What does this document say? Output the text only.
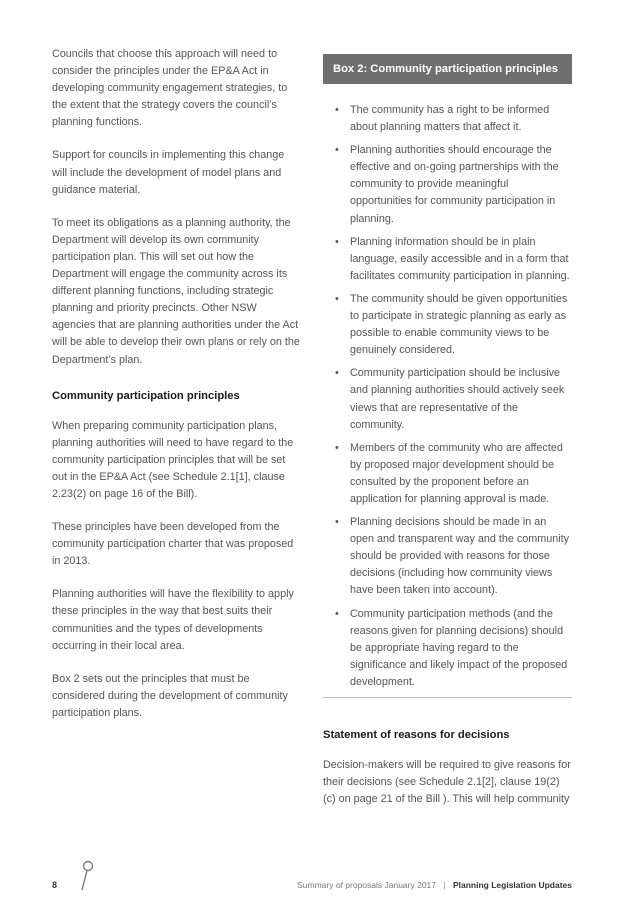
Councils that choose this approach will need to consider the principles under the EP&A Act in developing community engagement strategies, to the extent that the strategy covers the council’s planning functions.

Support for councils in implementing this change will include the development of model plans and guidance material.

To meet its obligations as a planning authority, the Department will develop its own community participation plan. This will set out how the Department will engage the community across its different planning functions, including strategic planning and priority precincts. Other NSW agencies that are planning authorities under the Act will be able to develop their own plans or rely on the Department’s plan.

Community participation principles

When preparing community participation plans, planning authorities will need to have regard to the community participation principles that will be set out in the EP&A Act (see Schedule 2.1[1], clause 2.23(2) on page 16 of the Bill).

These principles have been developed from the community participation charter that was proposed in 2013.

Planning authorities will have the flexibility to apply these principles in the way that best suits their communities and the types of developments occurring in their local area.

Box 2 sets out the principles that must be considered during the development of community participation plans.

Box 2: Community participation principles
• The community has a right to be informed about planning matters that affect it.
• Planning authorities should encourage the effective and on-going partnerships with the community to provide meaningful opportunities for community participation in planning.
• Planning information should be in plain language, easily accessible and in a form that facilitates community participation in planning.
• The community should be given opportunities to participate in strategic planning as early as possible to enable community views to be genuinely considered.
• Community participation should be inclusive and planning authorities should actively seek views that are representative of the community.
• Members of the community who are affected by proposed major development should be consulted by the proponent before an application for planning approval is made.
• Planning decisions should be made in an open and transparent way and the community should be provided with reasons for those decisions (including how community views have been taken into account).
• Community participation methods (and the reasons given for planning decisions) should be appropriate having regard to the significance and likely impact of the proposed development.
Statement of reasons for decisions

Decision-makers will be required to give reasons for their decisions (see Schedule 2.1[2], clause 19(2) (c) on page 21 of the Bill ). This will help community

8	Summary of proposals January 2017 | Planning Legislation Updates
